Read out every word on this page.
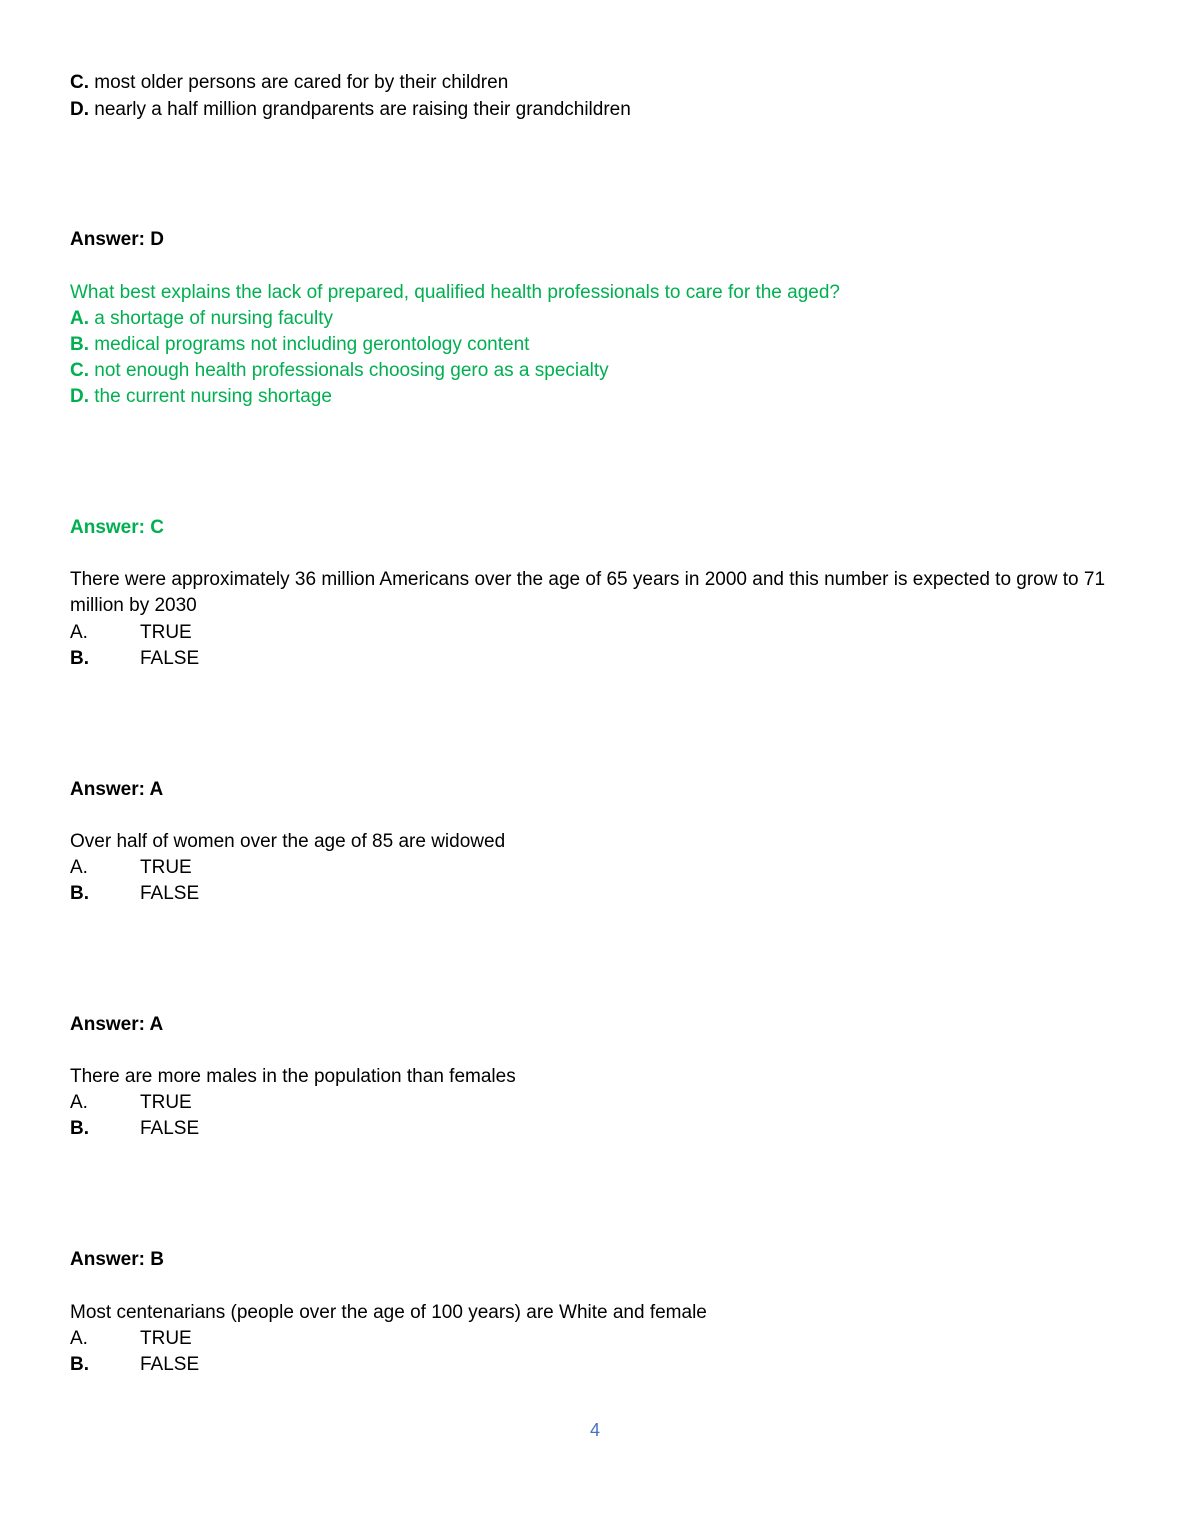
C. most older persons are cared for by their children
D. nearly a half million grandparents are raising their grandchildren
Answer: D
What best explains the lack of prepared, qualified health professionals to care for the aged?
A. a shortage of nursing faculty
B. medical programs not including gerontology content
C. not enough health professionals choosing gero as a specialty
D. the current nursing shortage
Answer: C
There were approximately 36 million Americans over the age of 65 years in 2000 and this number is expected to grow to 71 million by 2030
A.	TRUE
B.	FALSE
Answer: A
Over half of women over the age of 85 are widowed
A.	TRUE
B.	FALSE
Answer: A
There are more males in the population than females
A.	TRUE
B.	FALSE
Answer: B
Most centenarians (people over the age of 100 years) are White and female
A.	TRUE
B.	FALSE
4
